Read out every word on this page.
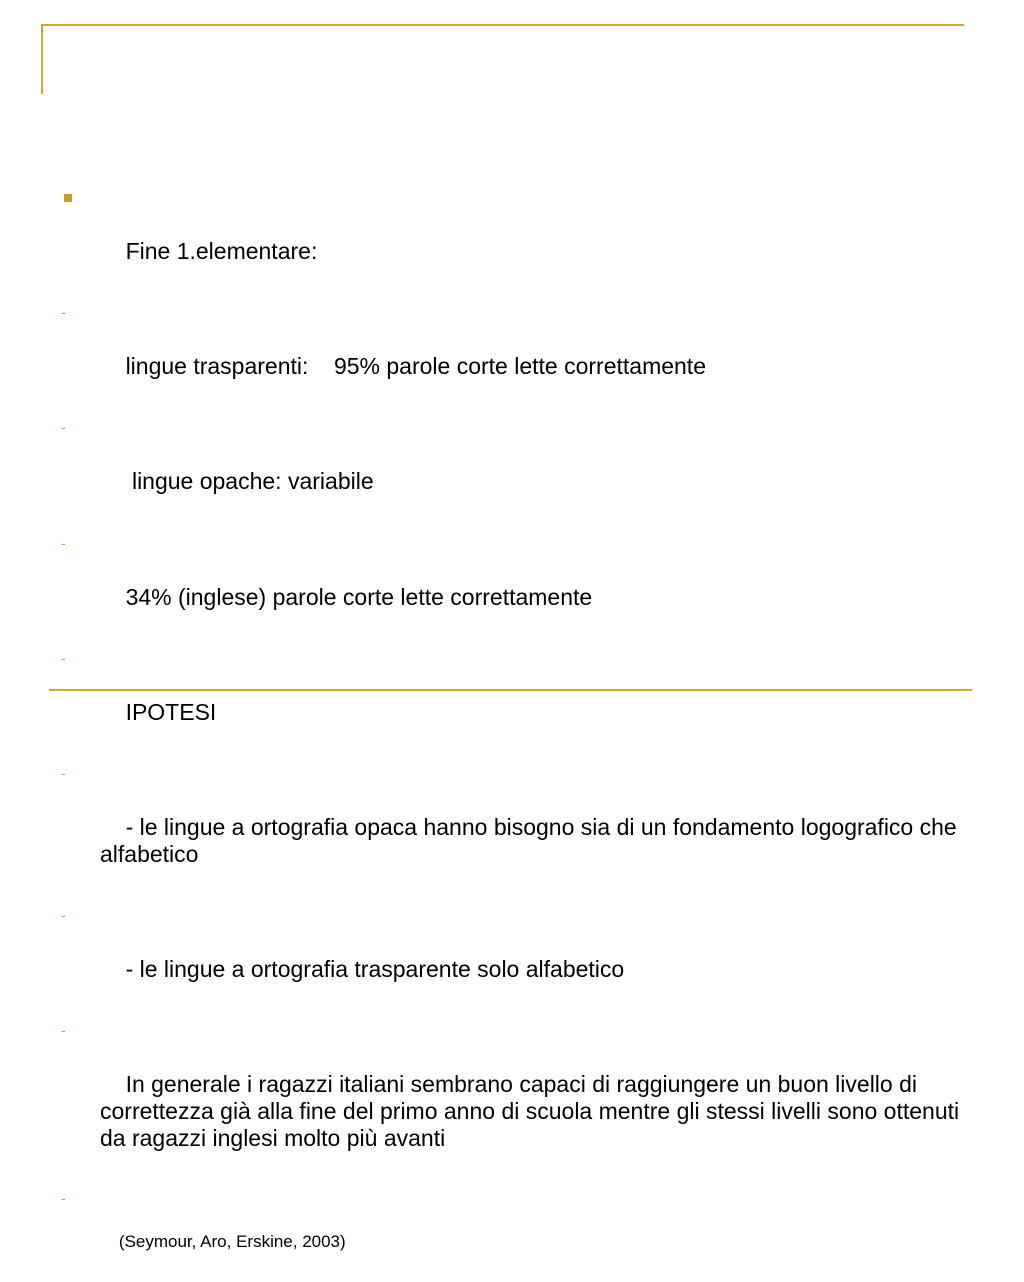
Fine 1.elementare:

-

lingue trasparenti:    95% parole corte lette correttamente

-

lingue opache: variabile

-

34% (inglese) parole corte lette correttamente

-

IPOTESI

-

- le lingue a ortografia opaca hanno bisogno sia di un fondamento logografico che alfabetico

-

- le lingue a ortografia trasparente solo alfabetico

-

In generale i ragazzi italiani sembrano capaci di raggiungere un buon livello di correttezza già alla fine del primo anno di scuola mentre gli stessi livelli sono ottenuti da ragazzi inglesi molto più avanti

-

(Seymour, Aro, Erskine, 2003)
